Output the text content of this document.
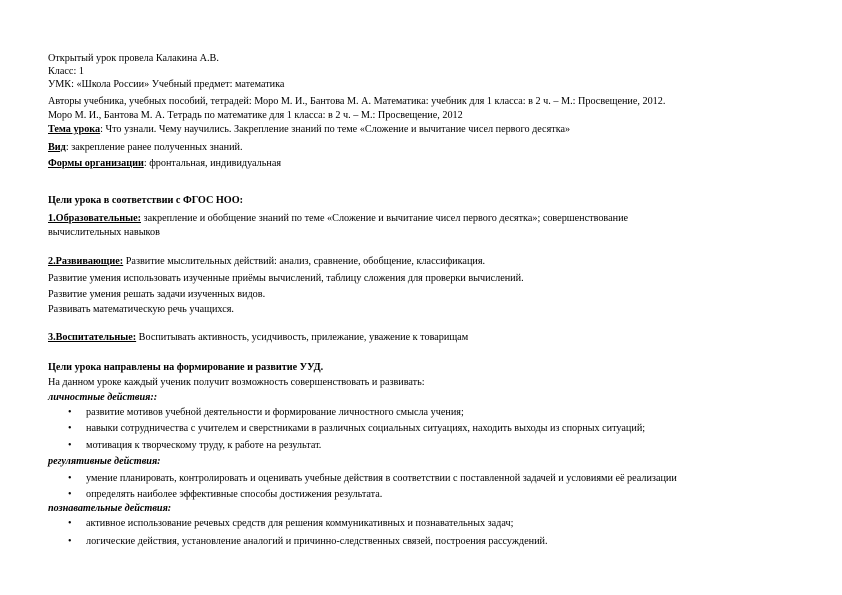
Открытый урок провела Калакина А.В.
Класс: 1
УМК: «Школа России» Учебный предмет: математика
Авторы учебника, учебных пособий, тетрадей: Моро М. И., Бантова М. А. Математика: учебник для 1 класса: в 2 ч. – М.: Просвещение, 2012.
Моро М. И., Бантова М. А. Тетрадь по математике для 1 класса: в 2 ч. – М.: Просвещение, 2012
Тема урока: Что узнали. Чему научились. Закрепление знаний по теме «Сложение и вычитание чисел первого десятка»
Вид: закрепление ранее полученных знаний.
Формы организации: фронтальная, индивидуальная
Цели урока в соответствии с ФГОС НОО:
1.Образовательные: закрепление и обобщение знаний по теме «Сложение и вычитание чисел первого десятка»; совершенствование
вычислительных навыков
2.Развивающие: Развитие мыслительных действий: анализ, сравнение, обобщение, классификация.
Развитие умения использовать изученные приёмы вычислений, таблицу сложения для проверки вычислений.
Развитие умения решать задачи изученных видов.
Развивать математическую речь учащихся.
3.Воспитательные: Воспитывать активность, усидчивость, прилежание, уважение к товарищам
Цели урока направлены на формирование и развитие УУД.
На данном уроке каждый ученик получит возможность совершенствовать и развивать:
личностные действия::
• развитие мотивов учебной деятельности и формирование личностного смысла учения;
• навыки сотрудничества с учителем и сверстниками в различных социальных ситуациях, находить выходы из спорных ситуаций;
• мотивация к творческому труду, к работе на результат.
регулятивные действия:
• умение планировать, контролировать и оценивать учебные действия в соответствии с поставленной задачей и условиями её реализации
• определять наиболее эффективные способы достижения результата.
познавательные действия:
• активное использование речевых средств для решения коммуникативных и познавательных задач;
• логические действия, установление аналогий и причинно-следственных связей, построения рассуждений.
